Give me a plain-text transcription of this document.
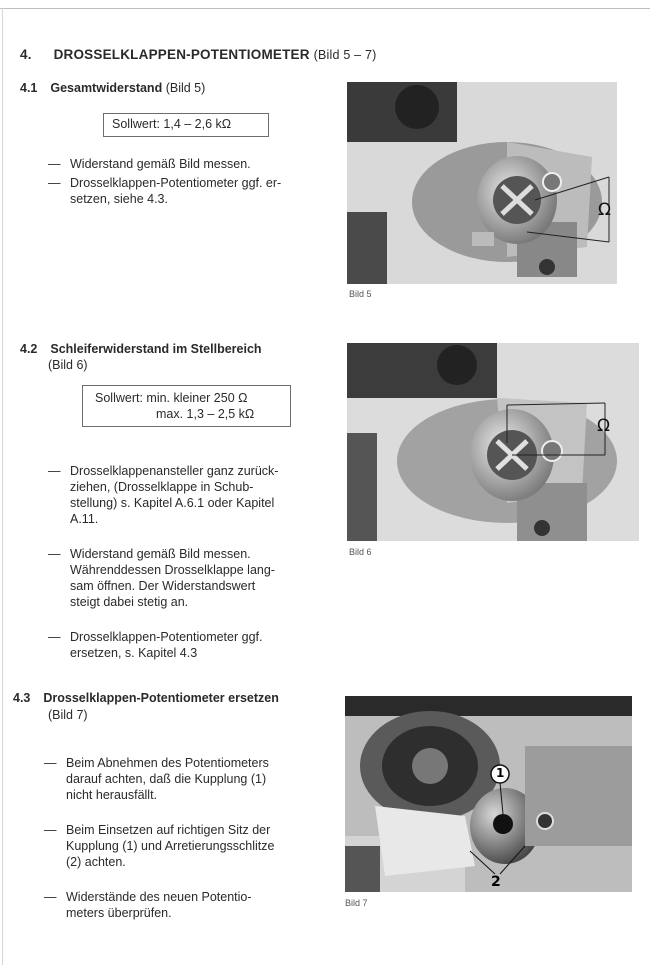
4. DROSSELKLAPPEN-POTENTIOMETER (Bild 5 – 7)
4.1 Gesamtwiderstand (Bild 5)
Sollwert: 1,4 – 2,6 kΩ
— Widerstand gemäß Bild messen.
— Drosselklappen-Potentiometer ggf. er-
setzen, siehe 4.3.
Ω
Bild 5
4.2 Schleiferwiderstand im Stellbereich
(Bild 6)
Sollwert: min. kleiner 250 Ω
max. 1,3 – 2,5 kΩ

— Drosselklappenansteller ganz zurück-
ziehen, (Drosselklappe in Schub-
stellung) s. Kapitel A.6.1 oder Kapitel
A.11.

— Widerstand gemäß Bild messen.
Währenddessen Drosselklappe lang-
sam öffnen. Der Widerstandswert
steigt dabei stetig an.

— Drosselklappen-Potentiometer ggf.
ersetzen, s. Kapitel 4.3

Ω
Bild 6
4.3 Drosselklappen-Potentiometer ersetzen
(Bild 7)

— Beim Abnehmen des Potentiometers
darauf achten, daß die Kupplung (1)
nicht herausfällt.

— Beim Einsetzen auf richtigen Sitz der
Kupplung (1) und Arretierungsschlitze
(2) achten.

— Widerstände des neuen Potentio-
meters überprüfen.

1
2
Bild 7
